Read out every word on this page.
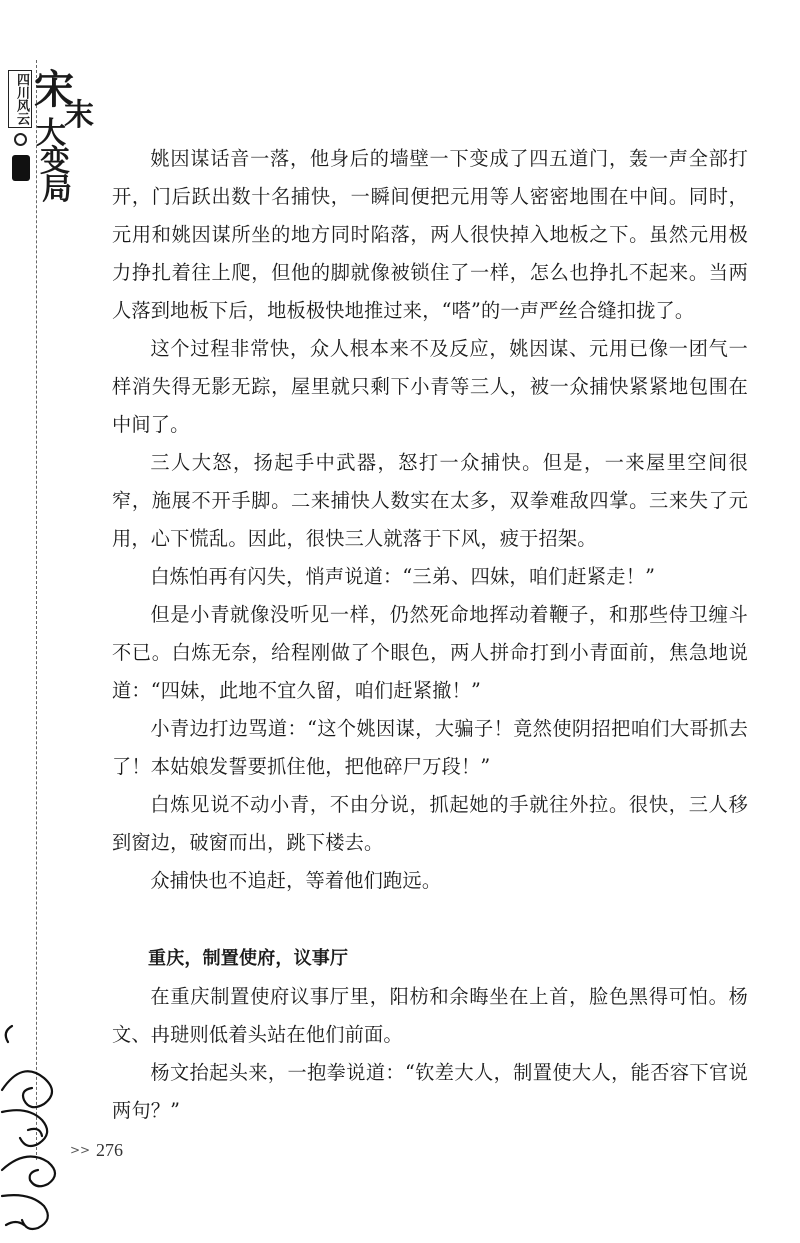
四川风云 宋
末
大
变
局

姚因谋话音一落，他身后的墙壁一下变成了四五道门，轰一声全部打开，门后跃出数十名捕快，一瞬间便把元用等人密密地围在中间。同时，元用和姚因谋所坐的地方同时陷落，两人很快掉入地板之下。虽然元用极力挣扎着往上爬，但他的脚就像被锁住了一样，怎么也挣扎不起来。当两人落到地板下后，地板极快地推过来，“嗒”的一声严丝合缝扣拢了。

这个过程非常快，众人根本来不及反应，姚因谋、元用已像一团气一样消失得无影无踪，屋里就只剩下小青等三人，被一众捕快紧紧地包围在中间了。

三人大怒，扬起手中武器，怒打一众捕快。但是，一来屋里空间很窄，施展不开手脚。二来捕快人数实在太多，双拳难敌四掌。三来失了元用，心下慌乱。因此，很快三人就落于下风，疲于招架。

白炼怕再有闪失，悄声说道：“三弟、四妹，咱们赶紧走！”

但是小青就像没听见一样，仍然死命地挥动着鞭子，和那些侍卫缠斗不已。白炼无奈，给程刚做了个眼色，两人拼命打到小青面前，焦急地说道：“四妹，此地不宜久留，咱们赶紧撤！”

小青边打边骂道：“这个姚因谋，大骗子！竟然使阴招把咱们大哥抓去了！本姑娘发誓要抓住他，把他碎尸万段！”

白炼见说不动小青，不由分说，抓起她的手就往外拉。很快，三人移到窗边，破窗而出，跳下楼去。

众捕快也不追赶，等着他们跑远。

重庆，制置使府，议事厅

在重庆制置使府议事厅里，阳枋和余晦坐在上首，脸色黑得可怕。杨文、冉琎则低着头站在他们前面。

杨文抬起头来，一抱拳说道：“钦差大人，制置使大人，能否容下官说两句？”

>> 276
